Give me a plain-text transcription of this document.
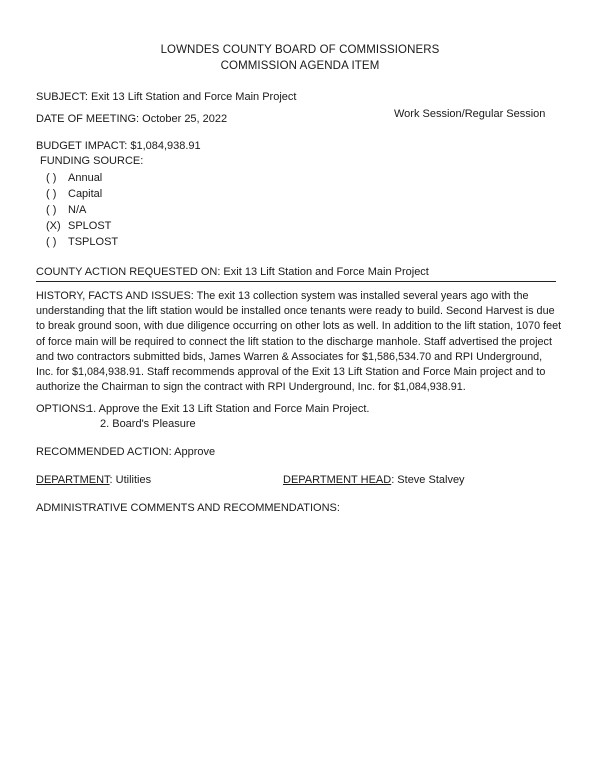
LOWNDES COUNTY BOARD OF COMMISSIONERS
COMMISSION AGENDA ITEM
SUBJECT: Exit 13 Lift Station and Force Main Project
DATE OF MEETING: October 25, 2022	Work Session/Regular Session
BUDGET IMPACT: $1,084,938.91
FUNDING SOURCE:
( ) Annual
( ) Capital
( ) N/A
(X) SPLOST
( ) TSPLOST
COUNTY ACTION REQUESTED ON: Exit 13 Lift Station and Force Main Project
HISTORY, FACTS AND ISSUES: The exit 13 collection system was installed several years ago with the understanding that the lift station would be installed once tenants were ready to build. Second Harvest is due to break ground soon, with due diligence occurring on other lots as well. In addition to the lift station, 1070 feet of force main will be required to connect the lift station to the discharge manhole. Staff advertised the project and two contractors submitted bids, James Warren & Associates for $1,586,534.70 and RPI Underground, Inc. for $1,084,938.91. Staff recommends approval of the Exit 13 Lift Station and Force Main project and to authorize the Chairman to sign the contract with RPI Underground, Inc. for $1,084,938.91.
OPTIONS:
1. Approve the Exit 13 Lift Station and Force Main Project.
2. Board's Pleasure
RECOMMENDED ACTION: Approve
DEPARTMENT: Utilities	DEPARTMENT HEAD: Steve Stalvey
ADMINISTRATIVE COMMENTS AND RECOMMENDATIONS:
